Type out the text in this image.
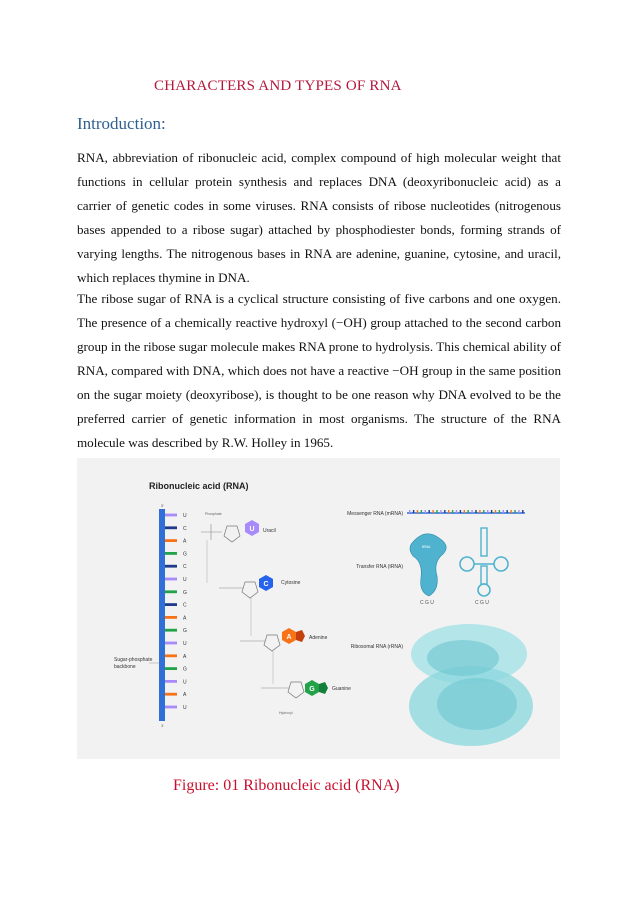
CHARACTERS AND TYPES OF RNA
Introduction:

RNA, abbreviation of ribonucleic acid, complex compound of high molecular weight that functions in cellular protein synthesis and replaces DNA (deoxyribonucleic acid) as a carrier of genetic codes in some viruses. RNA consists of ribose nucleotides (nitrogenous bases appended to a ribose sugar) attached by phosphodiester bonds, forming strands of varying lengths. The nitrogenous bases in RNA are adenine, guanine, cytosine, and uracil, which replaces thymine in DNA.

The ribose sugar of RNA is a cyclical structure consisting of five carbons and one oxygen. The presence of a chemically reactive hydroxyl (−OH) group attached to the second carbon group in the ribose sugar molecule makes RNA prone to hydrolysis. This chemical ability of RNA, compared with DNA, which does not have a reactive −OH group in the same position on the sugar moiety (deoxyribose), is thought to be one reason why DNA evolved to be the preferred carrier of genetic information in most organisms. The structure of the RNA molecule was described by R.W. Holley in 1965.

Ribonucleic acid (RNA)
5'
3'
Sugar-phosphate
backbone
U
C
A
G
C
U
G
C
A
G
U
A
G
U
A
U
Phosphate
U Uracil
C Cytosine
A	Adenine
G	Guanine
Hydroxyl
Messenger RNA (mRNA)
Transfer RNA (tRNA)
tRNA
C G U	C G U
Ribosomal RNA (rRNA)
Figure: 01 Ribonucleic acid (RNA)
